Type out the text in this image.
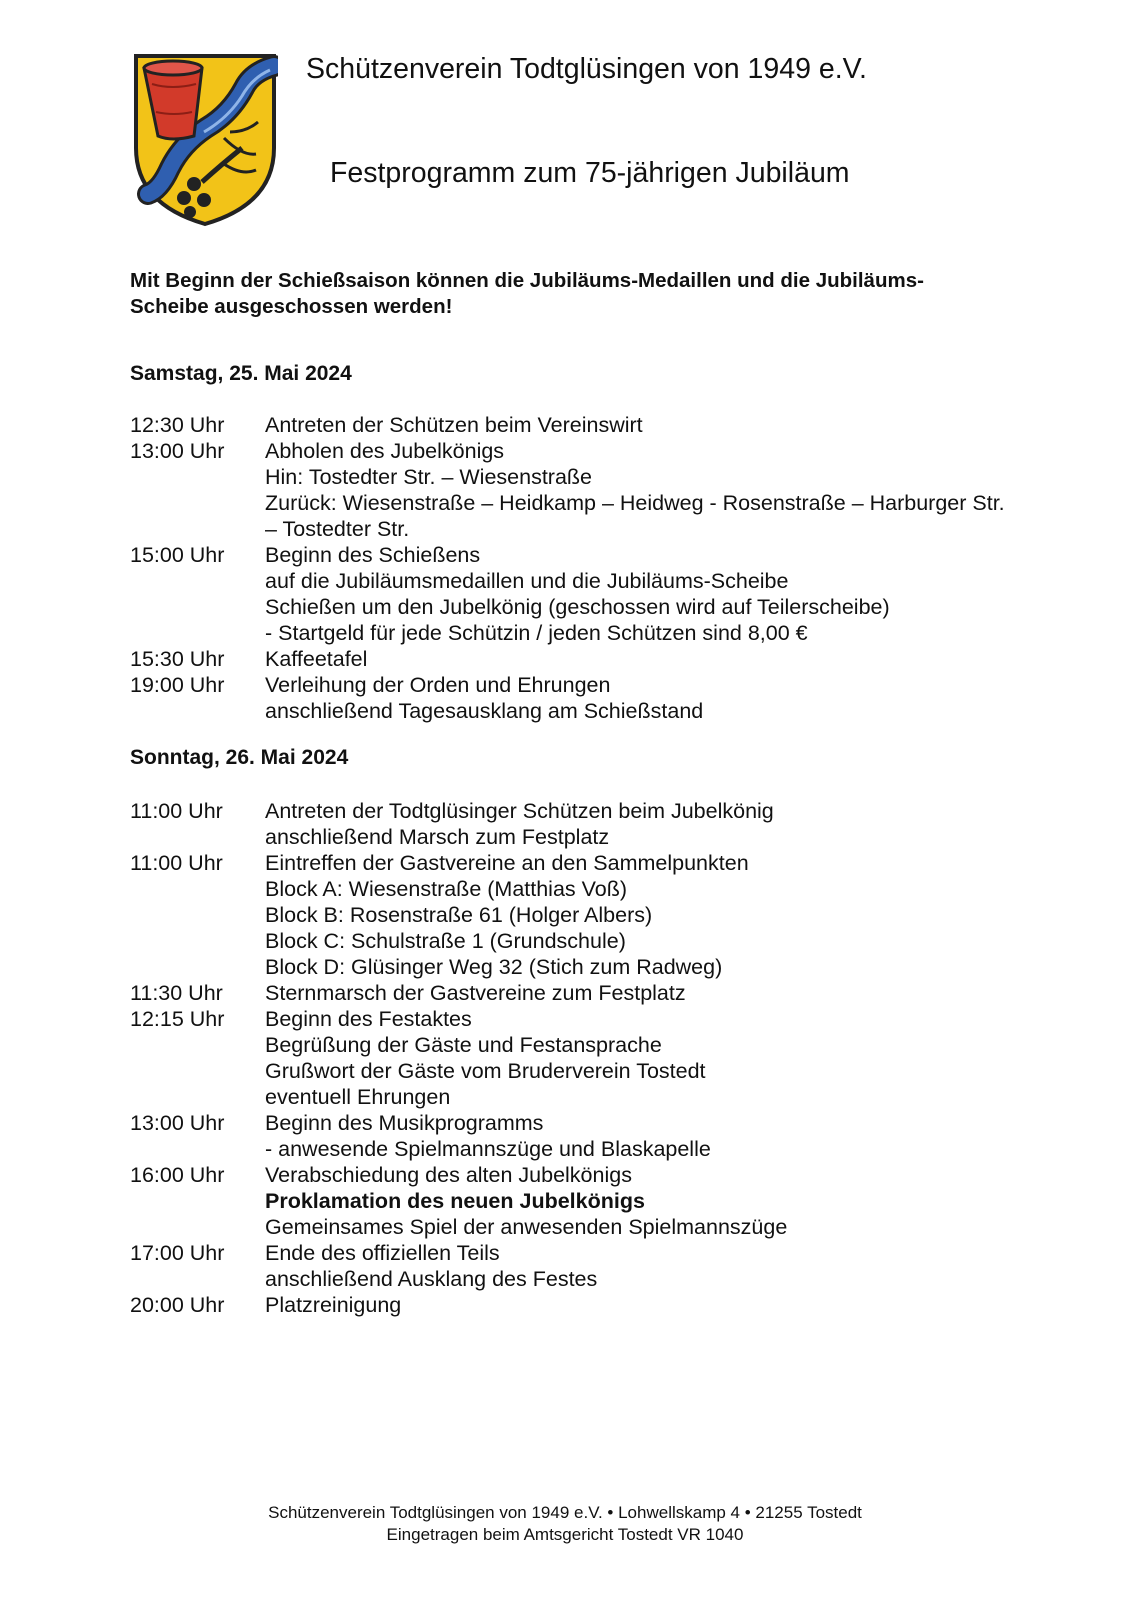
Schützenverein Todtglüsingen von 1949 e.V.
Festprogramm zum 75-jährigen Jubiläum
Mit Beginn der Schießsaison können die Jubiläums-Medaillen und die Jubiläums-
Scheibe ausgeschossen werden!
Samstag, 25. Mai 2024
12:30 Uhr	Antreten der Schützen beim Vereinswirt
13:00 Uhr	Abholen des Jubelkönigs
Hin: Tostedter Str. – Wiesenstraße
Zurück: Wiesenstraße – Heidkamp – Heidweg - Rosenstraße – Harburger Str.
– Tostedter Str.
15:00 Uhr	Beginn des Schießens
auf die Jubiläumsmedaillen und die Jubiläums-Scheibe
Schießen um den Jubelkönig (geschossen wird auf Teilerscheibe)
- Startgeld für jede Schützin / jeden Schützen sind 8,00 €
15:30 Uhr	Kaffeetafel
19:00 Uhr	Verleihung der Orden und Ehrungen
anschließend Tagesausklang am Schießstand
Sonntag, 26. Mai 2024
11:00 Uhr	Antreten der Todtglüsinger Schützen beim Jubelkönig
anschließend Marsch zum Festplatz
11:00 Uhr	Eintreffen der Gastvereine an den Sammelpunkten
Block A: Wiesenstraße (Matthias Voß)
Block B: Rosenstraße 61 (Holger Albers)
Block C: Schulstraße 1 (Grundschule)
Block D: Glüsinger Weg 32 (Stich zum Radweg)
11:30 Uhr	Sternmarsch der Gastvereine zum Festplatz
12:15 Uhr	Beginn des Festaktes
Begrüßung der Gäste und Festansprache
Grußwort der Gäste vom Bruderverein Tostedt
eventuell Ehrungen
13:00 Uhr	Beginn des Musikprogramms
- anwesende Spielmannszüge und Blaskapelle
16:00 Uhr	Verabschiedung des alten Jubelkönigs
Proklamation des neuen Jubelkönigs
Gemeinsames Spiel der anwesenden Spielmannszüge
17:00 Uhr	Ende des offiziellen Teils
anschließend Ausklang des Festes
20:00 Uhr	Platzreinigung
Schützenverein Todtglüsingen von 1949 e.V. • Lohwellskamp 4 • 21255 Tostedt
Eingetragen beim Amtsgericht Tostedt VR 1040
